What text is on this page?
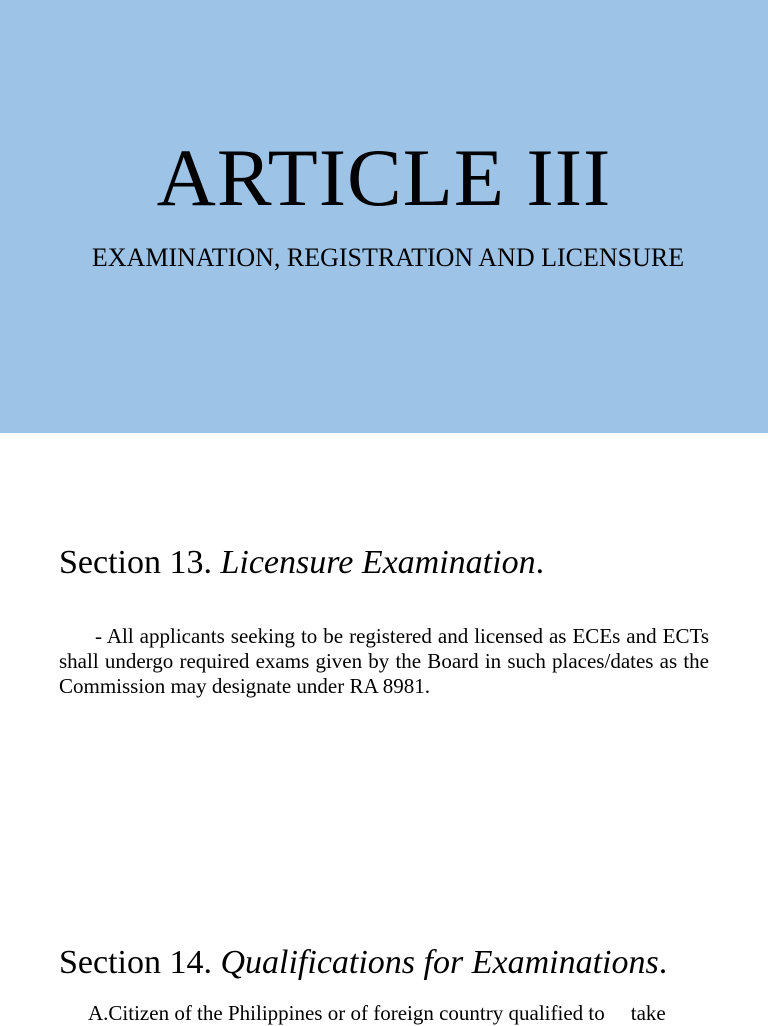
ARTICLE III
EXAMINATION, REGISTRATION AND LICENSURE
Section 13. Licensure Examination.
- All applicants seeking to be registered and licensed as ECEs and ECTs shall undergo required exams given by the Board in such places/dates as the Commission may designate under RA 8981.
Section 14. Qualifications for Examinations.
A.Citizen of the Philippines or of foreign country qualified to take
